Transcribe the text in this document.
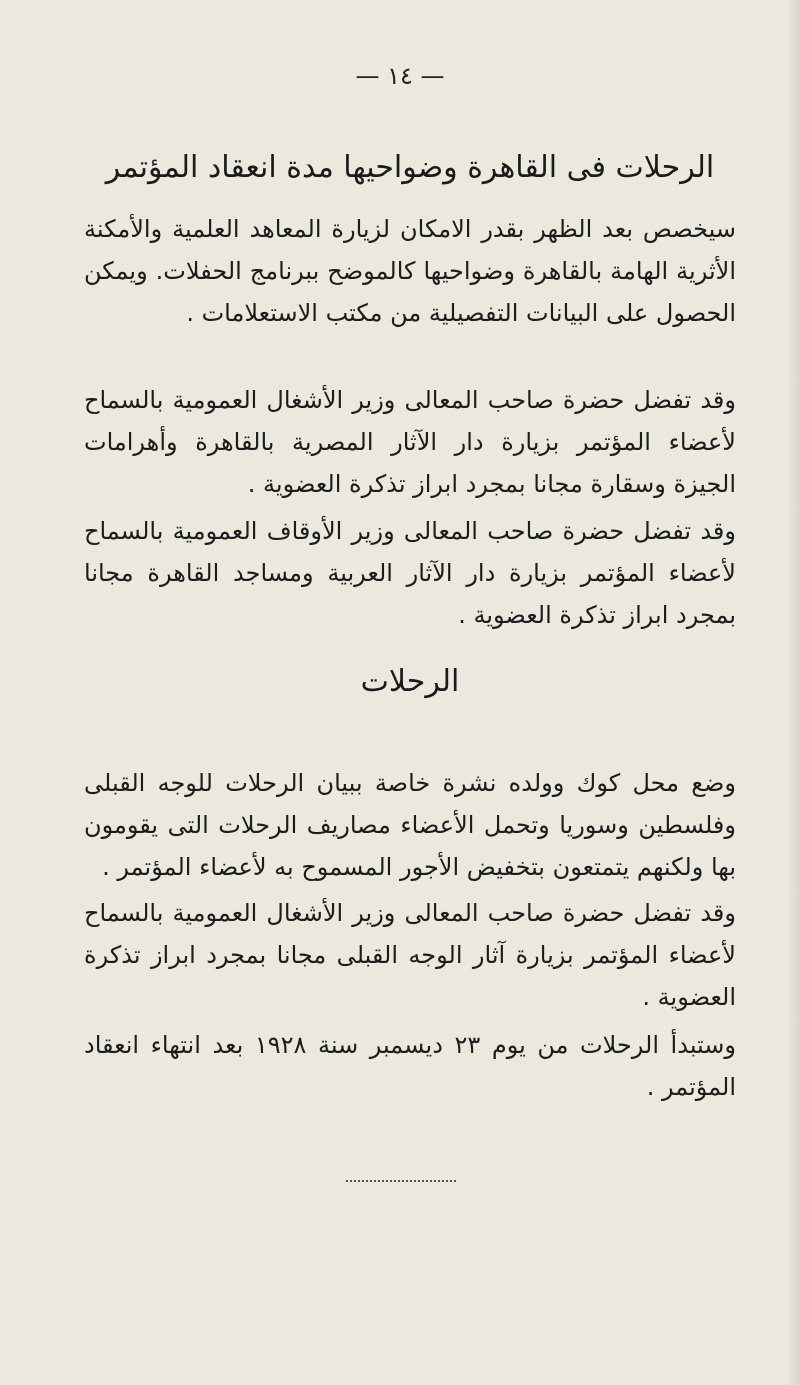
— ١٤ —
الرحلات فى القاهرة وضواحيها مدة انعقاد المؤتمر

سيخصص بعد الظهر بقدر الامكان لزيارة المعاهد العلمية والأمكنة الأثرية الهامة بالقاهرة وضواحيها كالموضح ببرنامج الحفلات. ويمكن الحصول على البيانات التفصيلية من مكتب الاستعلامات .

وقد تفضل حضرة صاحب المعالى وزير الأشغال العمومية بالسماح لأعضاء المؤتمر بزيارة دار الآثار المصرية بالقاهرة وأهرامات الجيزة وسقارة مجانا بمجرد ابراز تذكرة العضوية .

وقد تفضل حضرة صاحب المعالى وزير الأوقاف العمومية بالسماح لأعضاء المؤتمر بزيارة دار الآثار العربية ومساجد القاهرة مجانا بمجرد ابراز تذكرة العضوية .

الرحلات

وضع محل كوك وولده نشرة خاصة ببيان الرحلات للوجه القبلى وفلسطين وسوريا وتحمل الأعضاء مصاريف الرحلات التى يقومون بها ولكنهم يتمتعون بتخفيض الأجور المسموح به لأعضاء المؤتمر .

وقد تفضل حضرة صاحب المعالى وزير الأشغال العمومية بالسماح لأعضاء المؤتمر بزيارة آثار الوجه القبلى مجانا بمجرد ابراز تذكرة العضوية .

وستبدأ الرحلات من يوم ٢٣ ديسمبر سنة ١٩٢٨ بعد انتهاء انعقاد المؤتمر .
